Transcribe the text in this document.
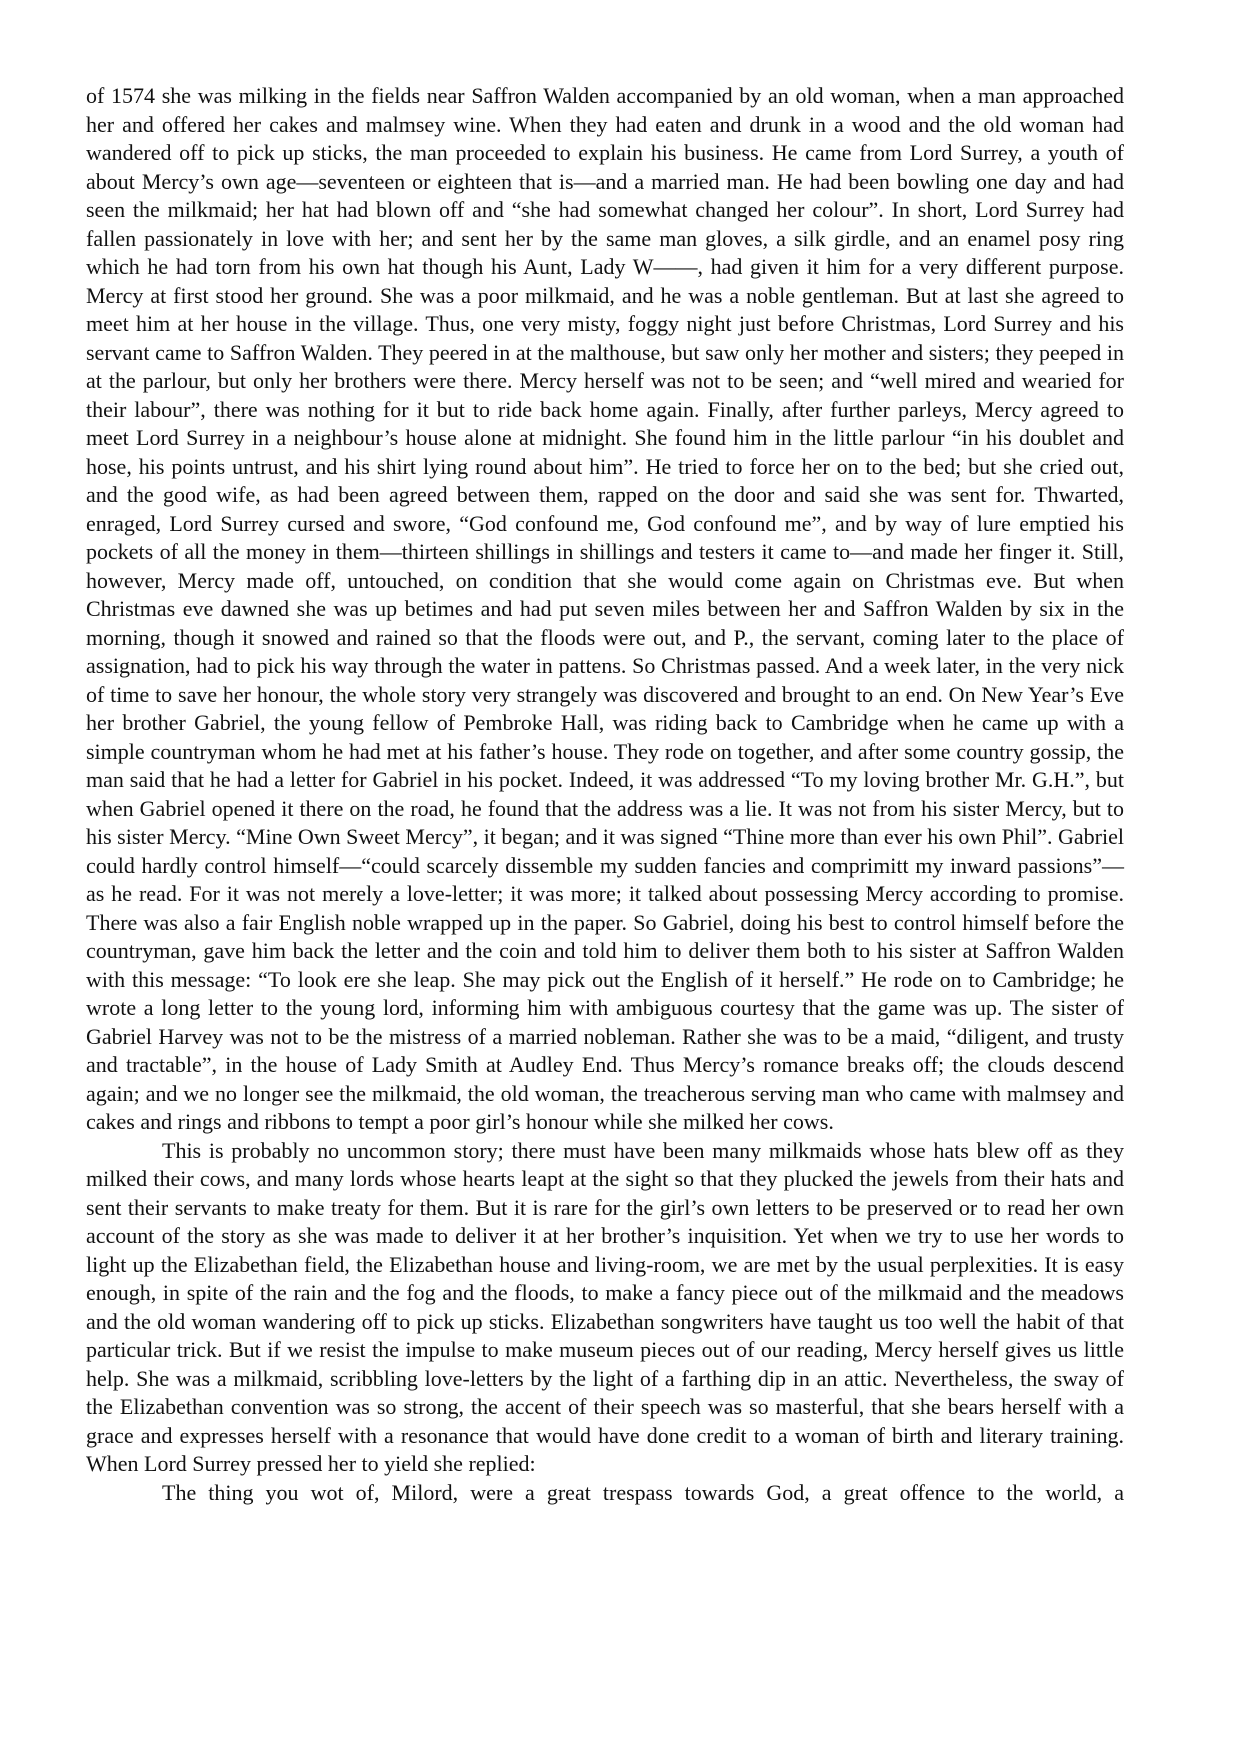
of 1574 she was milking in the fields near Saffron Walden accompanied by an old woman, when a man approached her and offered her cakes and malmsey wine. When they had eaten and drunk in a wood and the old woman had wandered off to pick up sticks, the man proceeded to explain his business. He came from Lord Surrey, a youth of about Mercy’s own age—seventeen or eighteen that is—and a married man. He had been bowling one day and had seen the milkmaid; her hat had blown off and “she had somewhat changed her colour”. In short, Lord Surrey had fallen passionately in love with her; and sent her by the same man gloves, a silk girdle, and an enamel posy ring which he had torn from his own hat though his Aunt, Lady W——, had given it him for a very different purpose. Mercy at first stood her ground. She was a poor milkmaid, and he was a noble gentleman. But at last she agreed to meet him at her house in the village. Thus, one very misty, foggy night just before Christmas, Lord Surrey and his servant came to Saffron Walden. They peered in at the malthouse, but saw only her mother and sisters; they peeped in at the parlour, but only her brothers were there. Mercy herself was not to be seen; and “well mired and wearied for their labour”, there was nothing for it but to ride back home again. Finally, after further parleys, Mercy agreed to meet Lord Surrey in a neighbour’s house alone at midnight. She found him in the little parlour “in his doublet and hose, his points untrust, and his shirt lying round about him”. He tried to force her on to the bed; but she cried out, and the good wife, as had been agreed between them, rapped on the door and said she was sent for. Thwarted, enraged, Lord Surrey cursed and swore, “God confound me, God confound me”, and by way of lure emptied his pockets of all the money in them—thirteen shillings in shillings and testers it came to—and made her finger it. Still, however, Mercy made off, untouched, on condition that she would come again on Christmas eve. But when Christmas eve dawned she was up betimes and had put seven miles between her and Saffron Walden by six in the morning, though it snowed and rained so that the floods were out, and P., the servant, coming later to the place of assignation, had to pick his way through the water in pattens. So Christmas passed. And a week later, in the very nick of time to save her honour, the whole story very strangely was discovered and brought to an end. On New Year’s Eve her brother Gabriel, the young fellow of Pembroke Hall, was riding back to Cambridge when he came up with a simple countryman whom he had met at his father’s house. They rode on together, and after some country gossip, the man said that he had a letter for Gabriel in his pocket. Indeed, it was addressed “To my loving brother Mr. G.H.”, but when Gabriel opened it there on the road, he found that the address was a lie. It was not from his sister Mercy, but to his sister Mercy. “Mine Own Sweet Mercy”, it began; and it was signed “Thine more than ever his own Phil”. Gabriel could hardly control himself—“could scarcely dissemble my sudden fancies and comprimitt my inward passions”—as he read. For it was not merely a love-letter; it was more; it talked about possessing Mercy according to promise. There was also a fair English noble wrapped up in the paper. So Gabriel, doing his best to control himself before the countryman, gave him back the letter and the coin and told him to deliver them both to his sister at Saffron Walden with this message: “To look ere she leap. She may pick out the English of it herself.” He rode on to Cambridge; he wrote a long letter to the young lord, informing him with ambiguous courtesy that the game was up. The sister of Gabriel Harvey was not to be the mistress of a married nobleman. Rather she was to be a maid, “diligent, and trusty and tractable”, in the house of Lady Smith at Audley End. Thus Mercy’s romance breaks off; the clouds descend again; and we no longer see the milkmaid, the old woman, the treacherous serving man who came with malmsey and cakes and rings and ribbons to tempt a poor girl’s honour while she milked her cows.

This is probably no uncommon story; there must have been many milkmaids whose hats blew off as they milked their cows, and many lords whose hearts leapt at the sight so that they plucked the jewels from their hats and sent their servants to make treaty for them. But it is rare for the girl’s own letters to be preserved or to read her own account of the story as she was made to deliver it at her brother’s inquisition. Yet when we try to use her words to light up the Elizabethan field, the Elizabethan house and living-room, we are met by the usual perplexities. It is easy enough, in spite of the rain and the fog and the floods, to make a fancy piece out of the milkmaid and the meadows and the old woman wandering off to pick up sticks. Elizabethan songwriters have taught us too well the habit of that particular trick. But if we resist the impulse to make museum pieces out of our reading, Mercy herself gives us little help. She was a milkmaid, scribbling love-letters by the light of a farthing dip in an attic. Nevertheless, the sway of the Elizabethan convention was so strong, the accent of their speech was so masterful, that she bears herself with a grace and expresses herself with a resonance that would have done credit to a woman of birth and literary training. When Lord Surrey pressed her to yield she replied:

The thing you wot of, Milord, were a great trespass towards God, a great offence to the world, a
